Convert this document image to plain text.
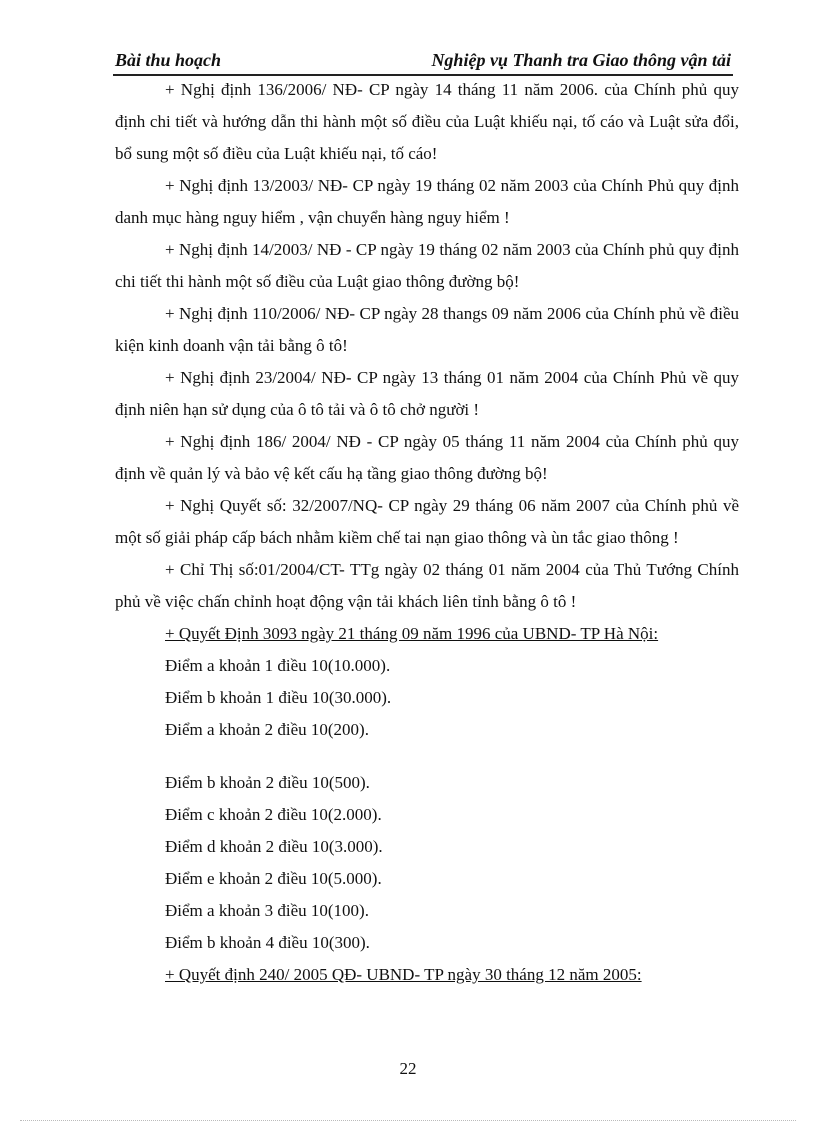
Bài thu hoạch	Nghiệp vụ Thanh tra Giao thông vận tải

+ Nghị định 136/2006/ NĐ- CP ngày 14 tháng 11 năm 2006. của Chính phủ quy định chi tiết và hướng dẫn thi hành một số điều của Luật khiếu nại, tố cáo và Luật sửa đổi, bổ sung một số điều của Luật khiếu nại, tố cáo!

+ Nghị định 13/2003/ NĐ- CP ngày 19 tháng 02 năm 2003 của Chính Phủ quy định danh mục hàng nguy hiểm , vận chuyển hàng nguy hiểm !

+ Nghị định 14/2003/ NĐ - CP ngày 19 tháng 02 năm 2003 của Chính phủ quy định chi tiết thi hành một số điều của Luật giao thông đường bộ!

+ Nghị định 110/2006/ NĐ- CP ngày 28 thangs 09 năm 2006 của Chính phủ về điều kiện kinh doanh vận tải bằng ô tô!

+ Nghị định 23/2004/ NĐ- CP ngày 13 tháng 01 năm 2004 của Chính Phủ về quy định niên hạn sử dụng của ô tô tải và ô tô chở người !

+ Nghị định 186/ 2004/ NĐ - CP ngày 05 tháng 11 năm 2004 của Chính phủ quy định về quản lý và bảo vệ kết cấu hạ tầng giao thông đường bộ!

+ Nghị Quyết số: 32/2007/NQ- CP ngày 29 tháng 06 năm 2007 của Chính phủ về một số giải pháp cấp bách nhằm kiềm chế tai nạn giao thông và ùn tắc giao thông !

+ Chỉ Thị số:01/2004/CT- TTg ngày 02 tháng 01 năm 2004 của Thủ Tướng Chính phủ về việc chấn chỉnh hoạt động vận tải khách liên tỉnh bằng ô tô !

+ Quyết Định 3093 ngày 21 tháng 09 năm 1996 của UBND- TP Hà Nội:
Điểm a khoản 1 điều 10(10.000).
Điểm b khoản 1 điều 10(30.000).
Điểm a khoản 2 điều 10(200).
Điểm b khoản 2 điều 10(500).
Điểm c khoản 2 điều 10(2.000).
Điểm d khoản 2 điều 10(3.000).
Điểm e khoản 2 điều 10(5.000).
Điểm a khoản 3 điều 10(100).
Điểm b khoản 4 điều 10(300).
+ Quyết định 240/ 2005 QĐ- UBND- TP ngày 30 tháng 12 năm 2005:
22
